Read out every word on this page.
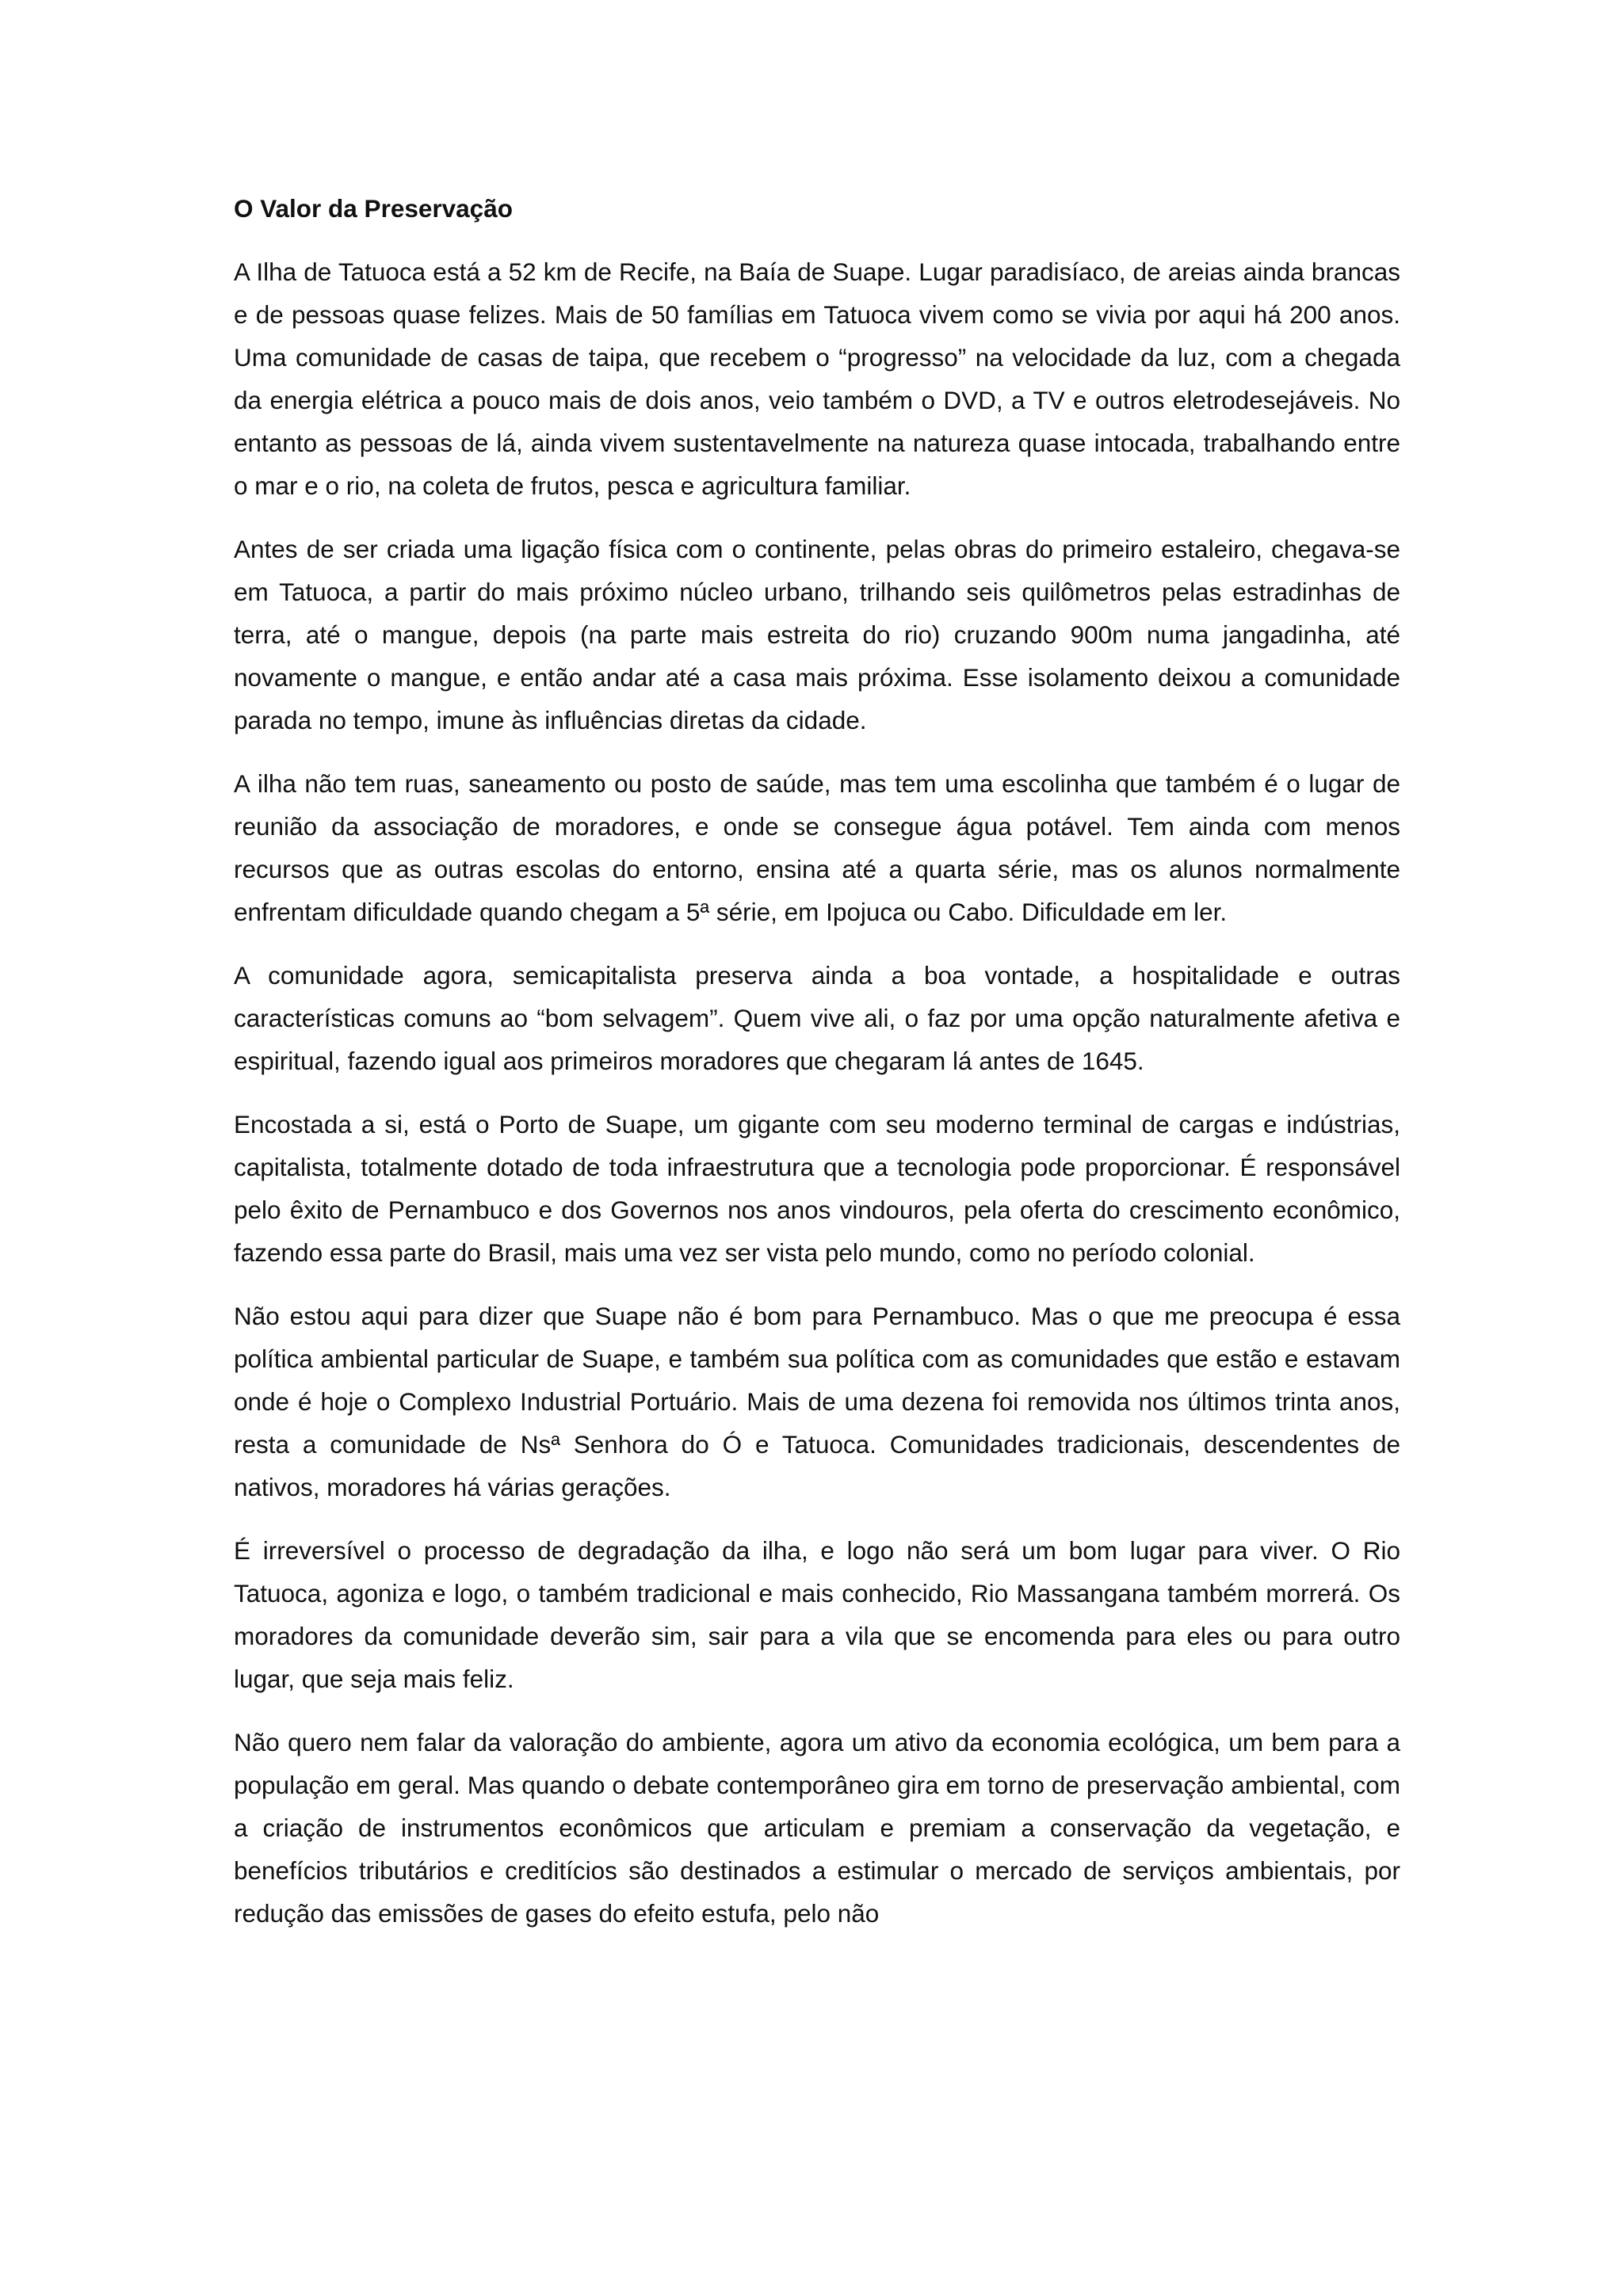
O Valor da Preservação

A Ilha de Tatuoca está a 52 km de Recife, na Baía de Suape. Lugar paradisíaco, de areias ainda brancas e de pessoas quase felizes. Mais de 50 famílias em Tatuoca vivem como se vivia por aqui há 200 anos. Uma comunidade de casas de taipa, que recebem o “progresso” na velocidade da luz, com a chegada da energia elétrica a pouco mais de dois anos, veio também o DVD, a TV e outros eletrodesejáveis. No entanto as pessoas de lá, ainda vivem sustentavelmente na natureza quase intocada, trabalhando entre o mar e o rio, na coleta de frutos, pesca e agricultura familiar.

Antes de ser criada uma ligação física com o continente, pelas obras do primeiro estaleiro, chegava-se em Tatuoca, a partir do mais próximo núcleo urbano, trilhando seis quilômetros pelas estradinhas de terra, até o mangue, depois (na parte mais estreita do rio) cruzando 900m numa jangadinha, até novamente o mangue, e então andar até a casa mais próxima. Esse isolamento deixou a comunidade parada no tempo, imune às influências diretas da cidade.

A ilha não tem ruas, saneamento ou posto de saúde, mas tem uma escolinha que também é o lugar de reunião da associação de moradores, e onde se consegue água potável. Tem ainda com menos recursos que as outras escolas do entorno, ensina até a quarta série, mas os alunos normalmente enfrentam dificuldade quando chegam a 5ª série, em Ipojuca ou Cabo. Dificuldade em ler.

A comunidade agora, semicapitalista preserva ainda a boa vontade, a hospitalidade e outras características comuns ao “bom selvagem”. Quem vive ali, o faz por uma opção naturalmente afetiva e espiritual, fazendo igual aos primeiros moradores que chegaram lá antes de 1645.

Encostada a si, está o Porto de Suape, um gigante com seu moderno terminal de cargas e indústrias, capitalista, totalmente dotado de toda infraestrutura que a tecnologia pode proporcionar. É responsável pelo êxito de Pernambuco e dos Governos nos anos vindouros, pela oferta do crescimento econômico, fazendo essa parte do Brasil, mais uma vez ser vista pelo mundo, como no período colonial.

Não estou aqui para dizer que Suape não é bom para Pernambuco. Mas o que me preocupa é essa política ambiental particular de Suape, e também sua política com as comunidades que estão e estavam onde é hoje o Complexo Industrial Portuário. Mais de uma dezena foi removida nos últimos trinta anos, resta a comunidade de Nsª Senhora do Ó e Tatuoca. Comunidades tradicionais, descendentes de nativos, moradores há várias gerações.

É irreversível o processo de degradação da ilha, e logo não será um bom lugar para viver. O Rio Tatuoca, agoniza e logo, o também tradicional e mais conhecido, Rio Massangana também morrerá. Os moradores da comunidade deverão sim, sair para a vila que se encomenda para eles ou para outro lugar, que seja mais feliz.

Não quero nem falar da valoração do ambiente, agora um ativo da economia ecológica, um bem para a população em geral. Mas quando o debate contemporâneo gira em torno de preservação ambiental, com a criação de instrumentos econômicos que articulam e premiam a conservação da vegetação, e benefícios tributários e creditícios são destinados a estimular o mercado de serviços ambientais, por redução das emissões de gases do efeito estufa, pelo não
